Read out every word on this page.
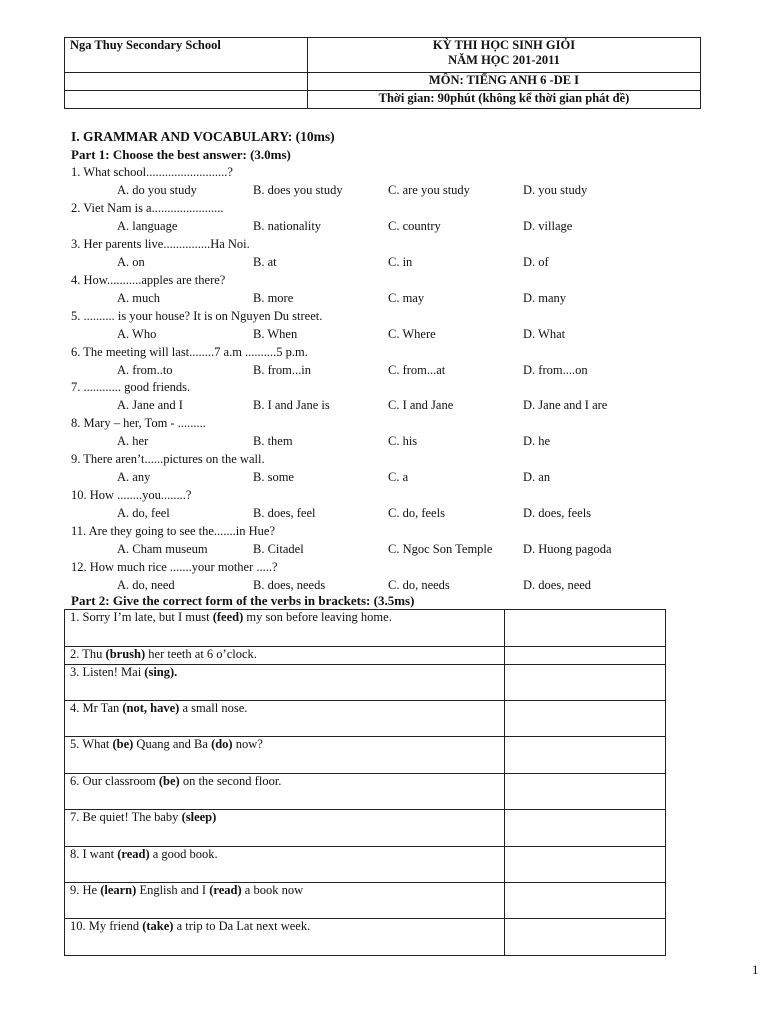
Nga Thuy Secondary School	KỲ THI HỌC SINH GIỎI
NĂM HỌC 201-2011

	MÔN: TIẾNG ANH 6 -DE I
	Thời gian: 90phút (không kể thời gian phát đề)
I. GRAMMAR AND VOCABULARY: (10ms)
Part 1: Choose the best answer: (3.0ms)
1. What school..........................?
A. do you study	B. does you study	C. are you study	D. you study
2. Viet Nam is a.......................
A. language	B. nationality	C. country	D. village
3. Her parents live...............Ha Noi.
A. on	B. at	C. in	D. of
4. How...........apples are there?
A. much	B. more	C. may	D. many
5. .......... is your house? It is on Nguyen Du street.
A. Who	B. When	C. Where	D. What
6. The meeting will last........7 a.m ..........5 p.m.
A. from..to	B. from...in	C. from...at	D. from....on
7. ............ good friends.
A. Jane and I	B. I and Jane is	C. I and Jane	D. Jane and I are
8. Mary – her, Tom - .........
A. her	B. them	C. his	D. he
9. There aren’t......pictures on the wall.
A. any	B. some	C. a	D. an
10. How ........you........?
A. do, feel	B. does, feel	C. do, feels	D. does, feels
11. Are they going to see the.......in Hue?
A. Cham museum	B. Citadel	C. Ngoc Son Temple D. Huong pagoda
12. How much rice .......your mother .....?
A. do, need	B. does, needs	C. do, needs	D. does, need
Part 2: Give the correct form of the verbs in brackets: (3.5ms)
1. Sorry I’m late, but I must (feed) my son before leaving home.	
2. Thu (brush) her teeth at 6 o’clock.	
3. Listen! Mai (sing).	
4. Mr Tan (not, have) a small nose.	
5. What (be) Quang and Ba (do) now?	
6. Our classroom (be) on the second floor.	
7. Be quiet! The baby (sleep)	
8. I want (read) a good book.	
9. He (learn) English and I (read) a book now	
10. My friend (take) a trip to Da Lat next week.	
1
